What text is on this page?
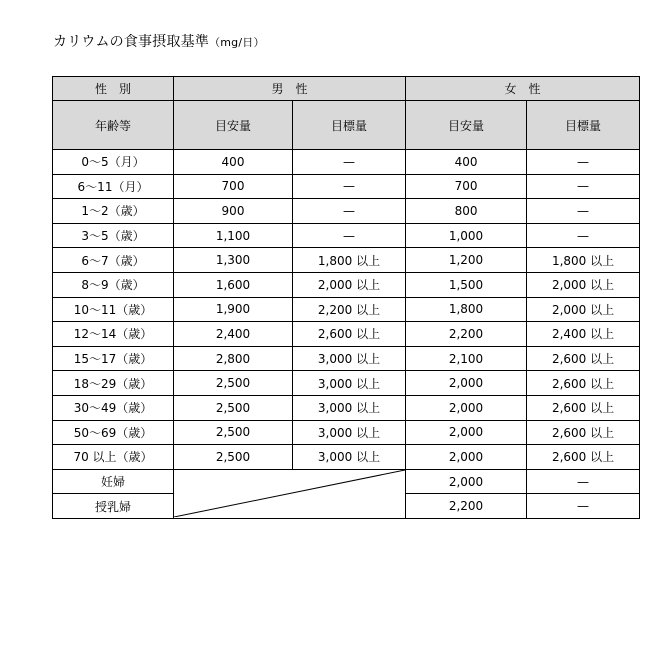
カリウムの食事摂取基準（mg/日）
性　別	男　性		女　性	
年齢等	目安量	目標量	目安量	目標量
0～5（月）	400	—	400	—
6～11（月）	700	—	700	—
1～2（歳）	900	—	800	—
3～5（歳）	1,100	—	1,000	—
6～7（歳）	1,300	1,800 以上	1,200	1,800 以上
8～9（歳）	1,600	2,000 以上	1,500	2,000 以上
10～11（歳）	1,900	2,200 以上	1,800	2,000 以上
12～14（歳）	2,400	2,600 以上	2,200	2,400 以上
15～17（歳）	2,800	3,000 以上	2,100	2,600 以上
18～29（歳）	2,500	3,000 以上	2,000	2,600 以上
30～49（歳）	2,500	3,000 以上	2,000	2,600 以上
50～69（歳）	2,500	3,000 以上	2,000	2,600 以上
70 以上（歳）	2,500	3,000 以上	2,000	2,600 以上
妊婦			2,000	—
授乳婦			2,200	—
